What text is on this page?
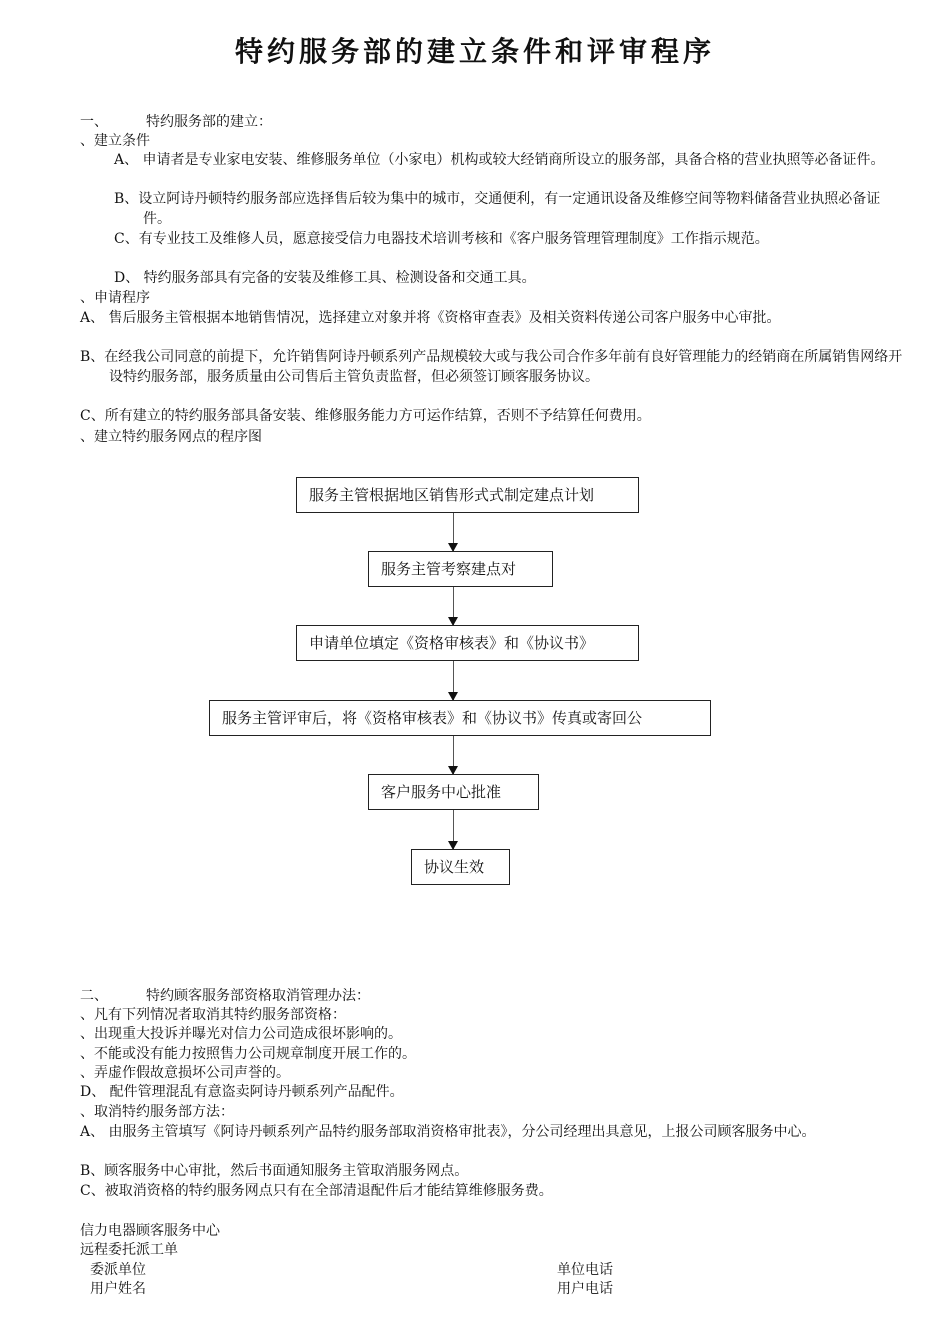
特约服务部的建立条件和评审程序
一、	特约服务部的建立：
、建立条件
A、 申请者是专业家电安装、维修服务单位（小家电）机构或较大经销商所设立的服务部，具备合格的营业执照等必备证件。
B、设立阿诗丹顿特约服务部应选择售后较为集中的城市，交通便利，有一定通讯设备及维修空间等物料储备营业执照必备证件。
C、有专业技工及维修人员，愿意接受信力电器技术培训考核和《客户服务管理管理制度》工作指示规范。
D、 特约服务部具有完备的安装及维修工具、检测设备和交通工具。
、申请程序
A、 售后服务主管根据本地销售情况，选择建立对象并将《资格审查表》及相关资料传递公司客户服务中心审批。
B、在经我公司同意的前提下，允许销售阿诗丹顿系列产品规模较大或与我公司合作多年前有良好管理能力的经销商在所属销售网络开设特约服务部，服务质量由公司售后主管负责监督，但必须签订顾客服务协议。
C、所有建立的特约服务部具备安装、维修服务能力方可运作结算，否则不予结算任何费用。
、建立特约服务网点的程序图
服务主管根据地区销售形式式制定建点计划
服务主管考察建点对
申请单位填定《资格审核表》和《协议书》
服务主管评审后，将《资格审核表》和《协议书》传真或寄回公
客户服务中心批准
协议生效
二、	特约顾客服务部资格取消管理办法：
、凡有下列情况者取消其特约服务部资格：
、出现重大投诉并曝光对信力公司造成很坏影响的。
、不能或没有能力按照售力公司规章制度开展工作的。
、弄虚作假故意损坏公司声誉的。
D、 配件管理混乱有意盗卖阿诗丹顿系列产品配件。
、取消特约服务部方法：
A、 由服务主管填写《阿诗丹顿系列产品特约服务部取消资格审批表》，分公司经理出具意见，上报公司顾客服务中心。
B、顾客服务中心审批，然后书面通知服务主管取消服务网点。
C、被取消资格的特约服务网点只有在全部清退配件后才能结算维修服务费。
信力电器顾客服务中心
远程委托派工单
委派单位	单位电话
用户姓名	用户电话
